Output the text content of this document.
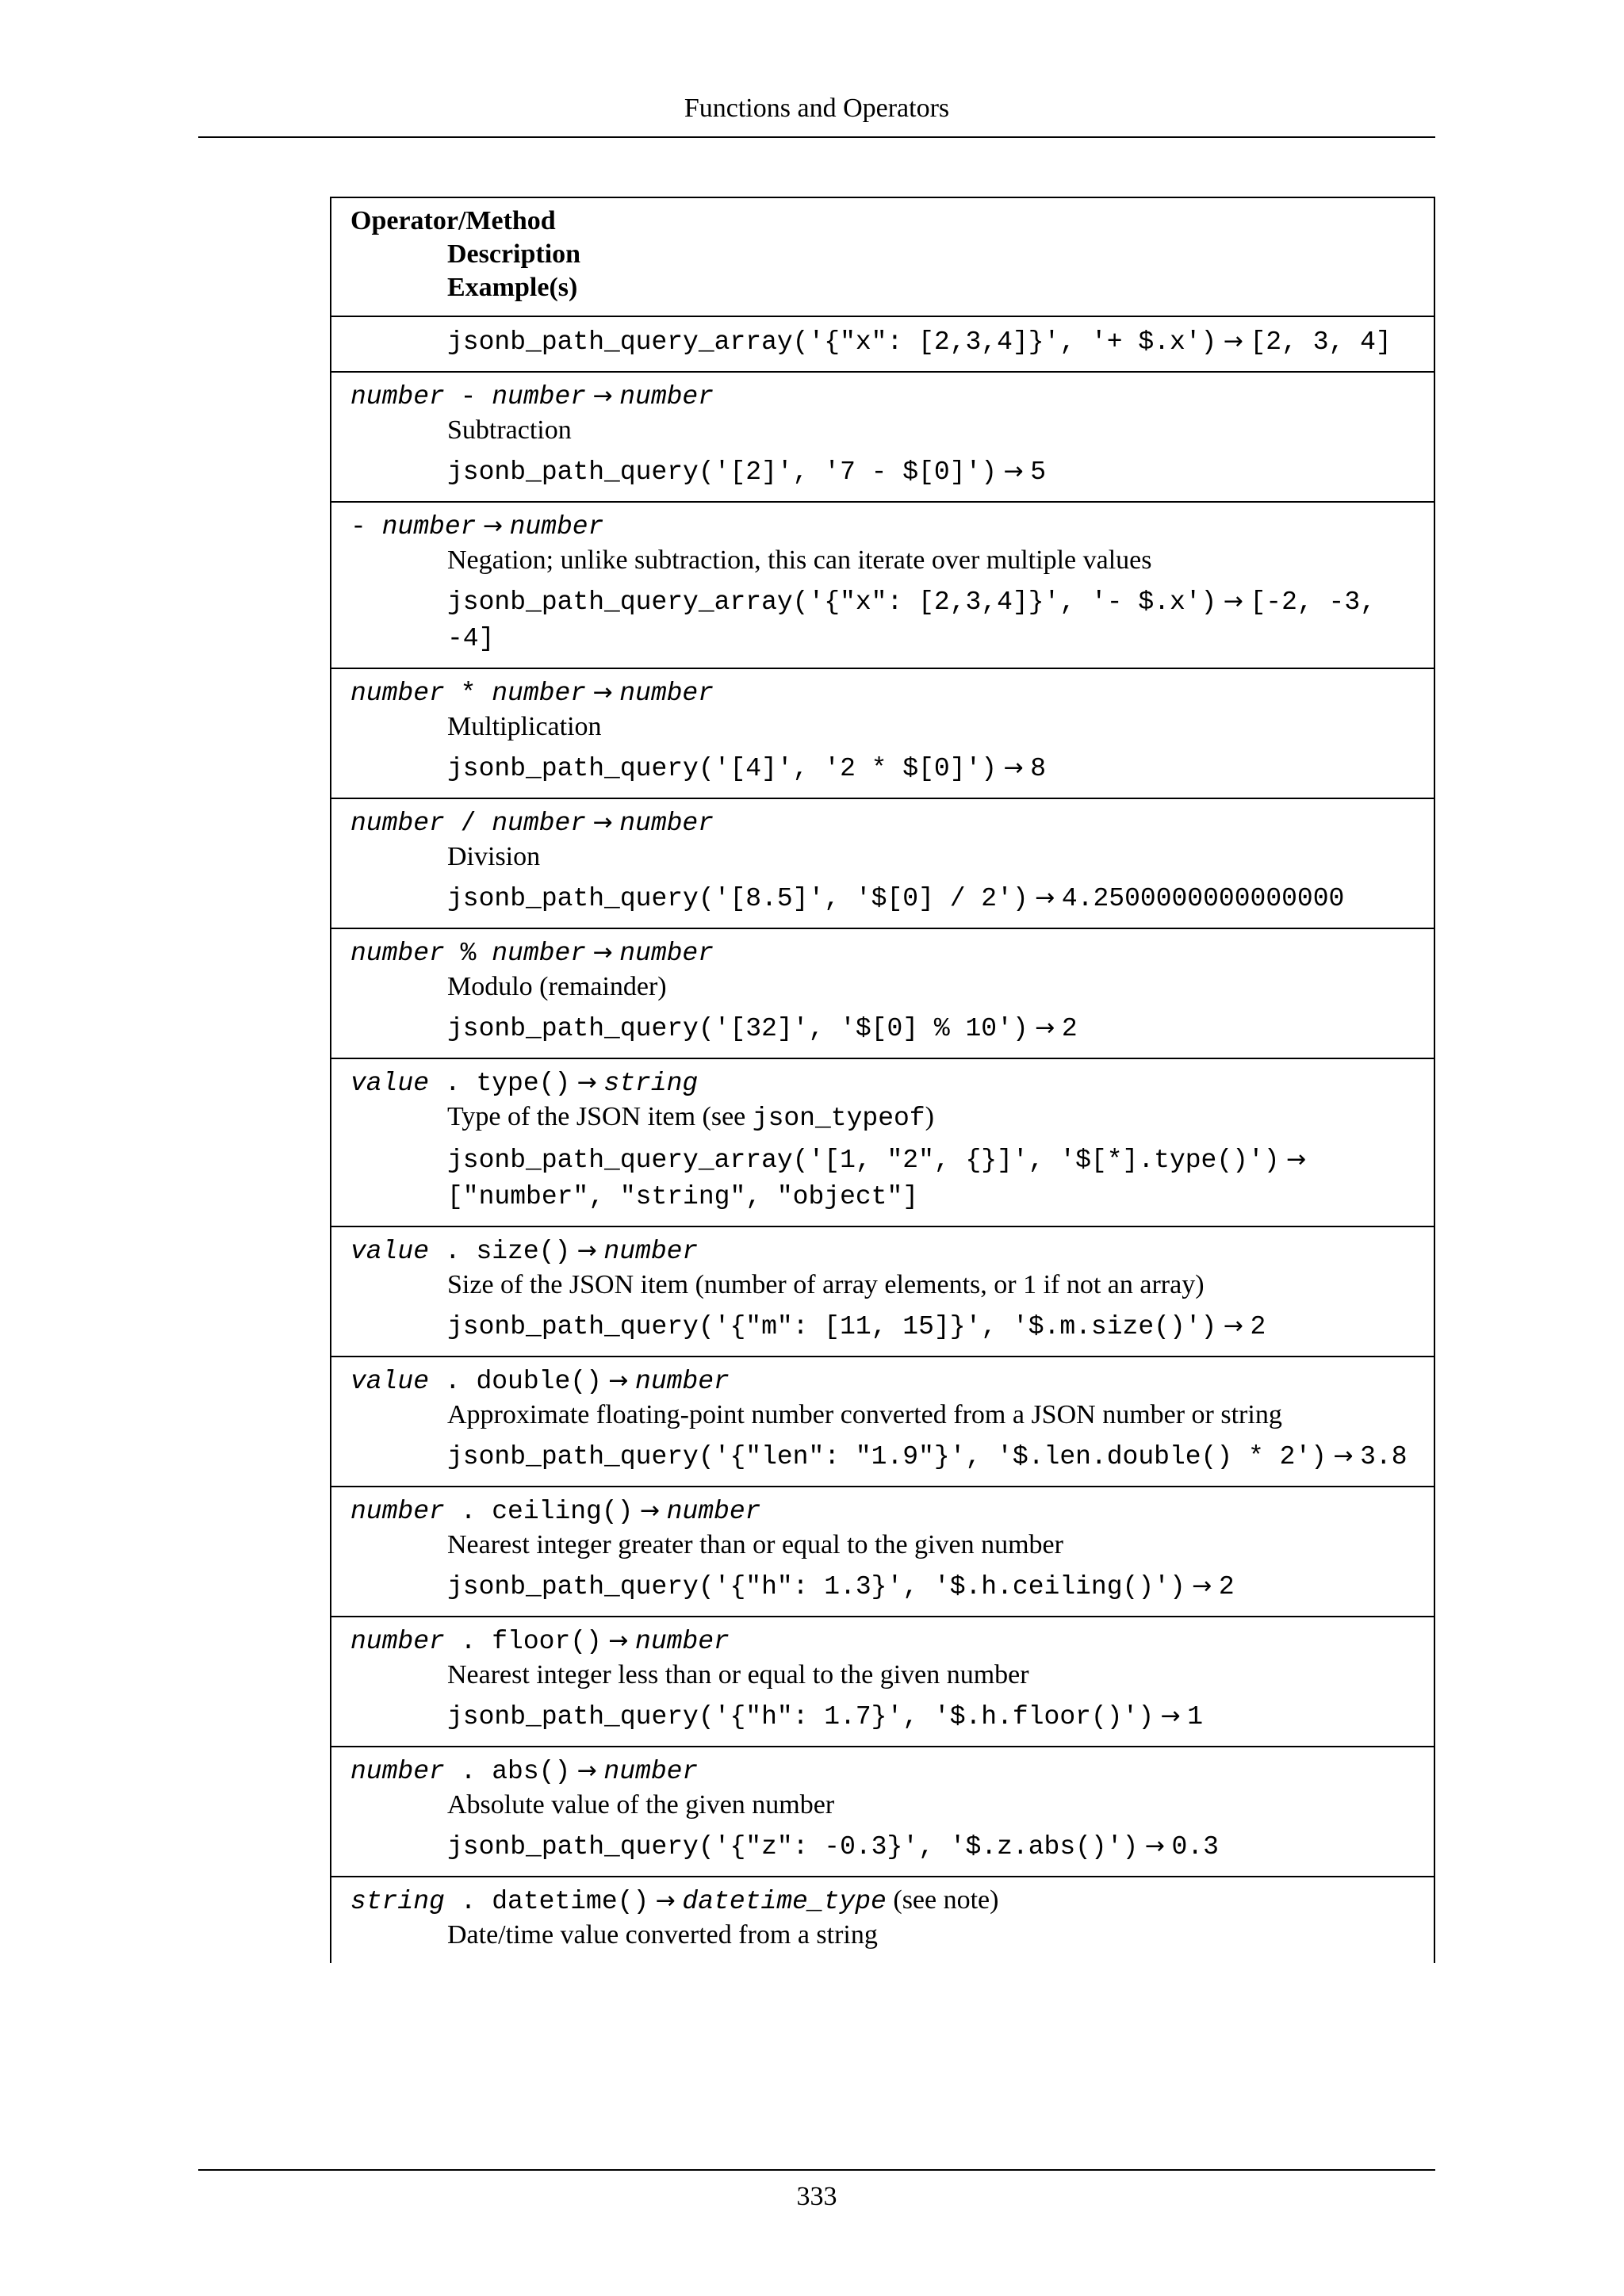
Functions and Operators
Operator/Method
Description
Example(s)

jsonb_path_query_array('{"x": [2,3,4]}', '+ $.x') → [2, 3, 4]

number - number → number
Subtraction
jsonb_path_query('[2]', '7 - $[0]') → 5

- number → number
Negation; unlike subtraction, this can iterate over multiple values
jsonb_path_query_array('{"x": [2,3,4]}', '- $.x') → [-2, -3, -4]

number * number → number
Multiplication
jsonb_path_query('[4]', '2 * $[0]') → 8

number / number → number
Division
jsonb_path_query('[8.5]', '$[0] / 2') → 4.2500000000000000

number % number → number
Modulo (remainder)
jsonb_path_query('[32]', '$[0] % 10') → 2

value . type() → string
Type of the JSON item (see json_typeof)
jsonb_path_query_array('[1, "2", {}]', '$[*].type()') → ["number", "string", "object"]

value . size() → number
Size of the JSON item (number of array elements, or 1 if not an array)
jsonb_path_query('{"m": [11, 15]}', '$.m.size()') → 2

value . double() → number
Approximate floating-point number converted from a JSON number or string
jsonb_path_query('{"len": "1.9"}', '$.len.double() * 2') → 3.8

number . ceiling() → number
Nearest integer greater than or equal to the given number
jsonb_path_query('{"h": 1.3}', '$.h.ceiling()') → 2

number . floor() → number
Nearest integer less than or equal to the given number
jsonb_path_query('{"h": 1.7}', '$.h.floor()') → 1

number . abs() → number
Absolute value of the given number
jsonb_path_query('{"z": -0.3}', '$.z.abs()') → 0.3

string . datetime() → datetime_type (see note)
Date/time value converted from a string
333
